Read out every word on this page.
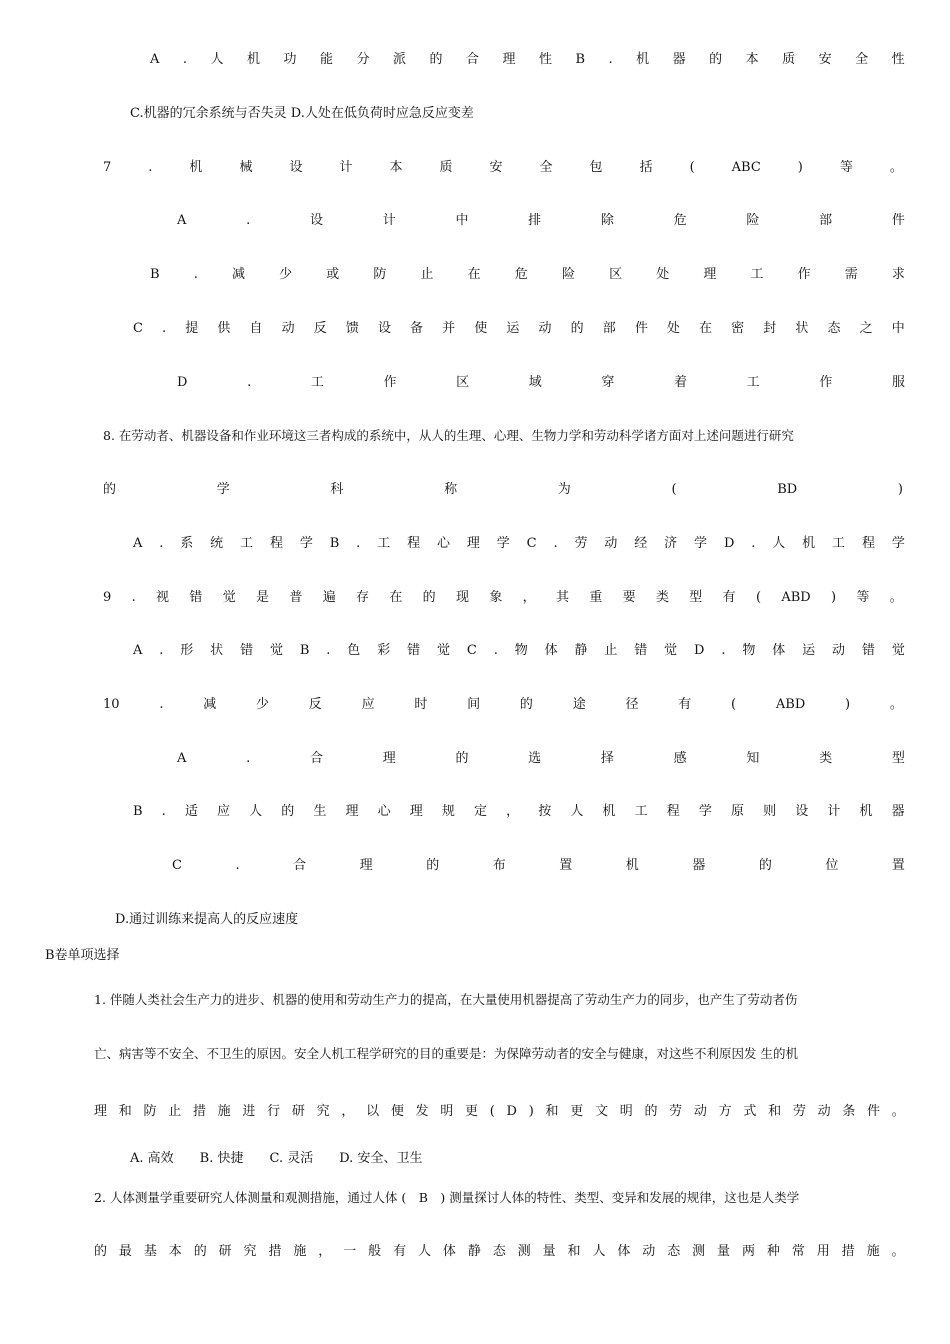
A . 人 机 功 能 分 派 的 合 理 性 B . 机 器 的 本 质 安 全 性
C.机器的冗余系统与否失灵 D.人处在低负荷时应急反应变差
7	.	机	械	设	计	本	质	安	全	包	括	(	ABC	)	等	。
A	.	设	计	中	排	除	危	险	部	件
B	.	减	少	或	防	止	在	危	险	区	处	理	工	作	需	求
C . 提 供 自 动 反 馈 设 备 并 使 运 动 的 部 件 处 在 密 封 状 态 之 中
D	.	工	作	区	域	穿	着	工	作	服
8. 在劳动者、机器设备和作业环境这三者构成的系统中，从人的生理、心理、生物力学和劳动科学诸方面对上述问题进行研究
的	学	科	称	为	(	BD	)
A . 系 统 工 程 学 B . 工 程 心 理 学 C . 劳 动 经 济 学 D . 人 机 工 程 学
9 . 视 错 觉 是 普 遍 存 在 的 现 象 ， 其 重 要 类 型 有 ( ABD ) 等 。
A . 形 状 错 觉 B . 色 彩 错 觉 C . 物 体 静 止 错 觉 D . 物 体 运 动 错 觉
10	.	减	少	反	应	时	间	的	途	径	有	(	ABD	)	。
A	.	合	理	的	选	择	感	知	类	型
B . 适 应 人 的 生 理 心 理 规 定 ， 按 人 机 工 程 学 原 则 设 计 机 器
C	.	合	理	的	布	置	机	器	的	位	置
D.通过训练来提高人的反应速度
B卷单项选择
1. 伴随人类社会生产力的进步、机器的使用和劳动生产力的提高，在大量使用机器提高了劳动生产力的同步，也产生了劳动者伤
亡、病害等不安全、不卫生的原因。安全人机工程学研究的目的重要是：为保障劳动者的安全与健康，对这些不利原因发 生的机
理 和 防 止 措 施 进 行 研 究 ， 以 便 发 明 更 ( D ) 和 更 文 明 的 劳 动 方 式 和 劳 动 条 件 。
A. 高效　　B. 快捷　　C. 灵活　　D. 安全、卫生
2. 人体测量学重要研究人体测量和观测措施，通过人体 (　B　) 测量探讨人体的特性、类型、变异和发展的规律，这也是人类学
的 最 基 本 的 研 究 措 施 ， 一 般 有 人 体 静 态 测 量 和 人 体 动 态 测 量 两 种 常 用 措 施 。
